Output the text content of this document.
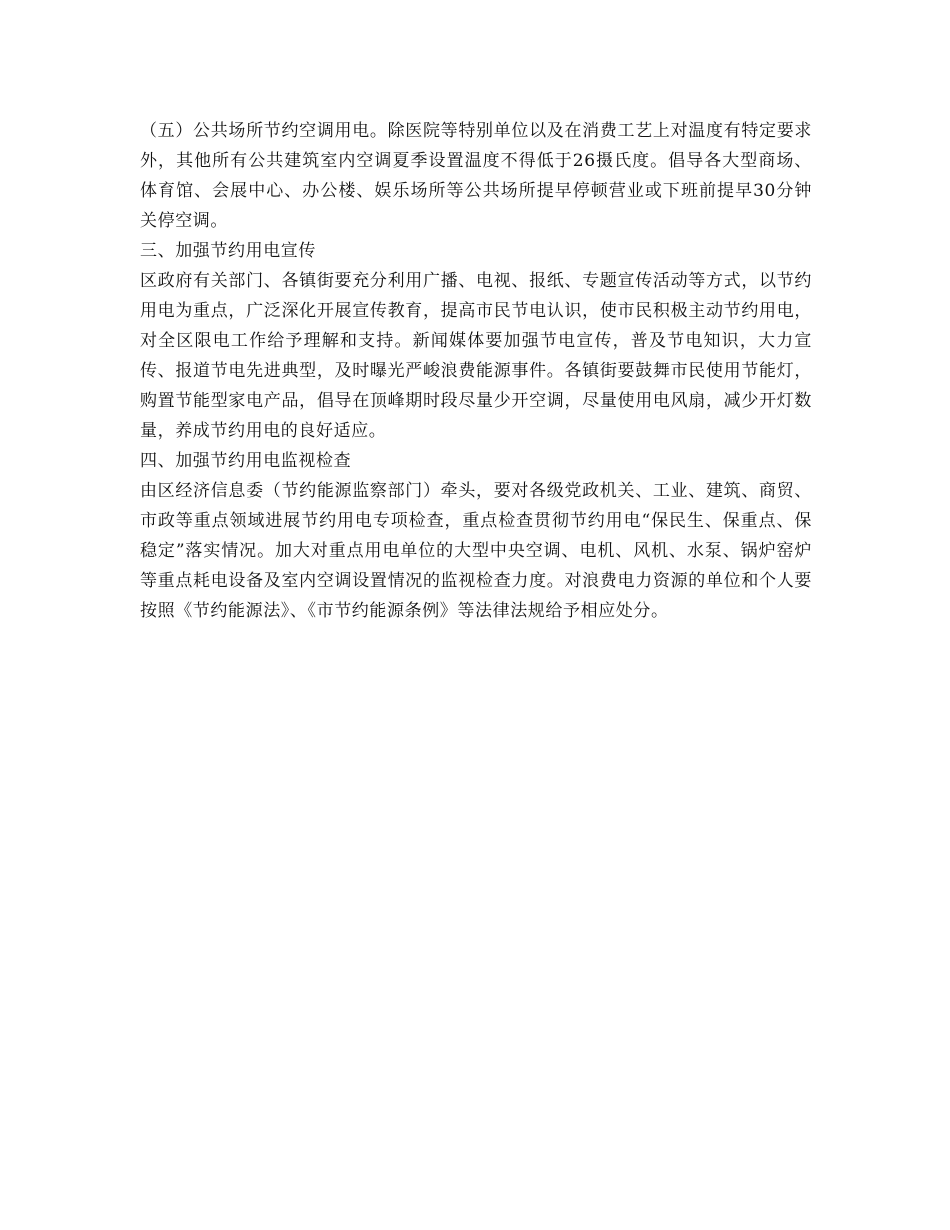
（五）公共场所节约空调用电。除医院等特别单位以及在消费工艺上对温度有特定要求外，其他所有公共建筑室内空调夏季设置温度不得低于26摄氏度。倡导各大型商场、体育馆、会展中心、办公楼、娱乐场所等公共场所提早停顿营业或下班前提早30分钟关停空调。

三、加强节约用电宣传

区政府有关部门、各镇街要充分利用广播、电视、报纸、专题宣传活动等方式，以节约用电为重点，广泛深化开展宣传教育，提高市民节电认识，使市民积极主动节约用电，对全区限电工作给予理解和支持。新闻媒体要加强节电宣传，普及节电知识，大力宣传、报道节电先进典型，及时曝光严峻浪费能源事件。各镇街要鼓舞市民使用节能灯，购置节能型家电产品，倡导在顶峰期时段尽量少开空调，尽量使用电风扇，减少开灯数量，养成节约用电的良好适应。

四、加强节约用电监视检查

由区经济信息委（节约能源监察部门）牵头，要对各级党政机关、工业、建筑、商贸、市政等重点领域进展节约用电专项检查，重点检查贯彻节约用电“保民生、保重点、保稳定”落实情况。加大对重点用电单位的大型中央空调、电机、风机、水泵、锅炉窑炉等重点耗电设备及室内空调设置情况的监视检查力度。对浪费电力资源的单位和个人要按照《节约能源法》、《市节约能源条例》等法律法规给予相应处分。
